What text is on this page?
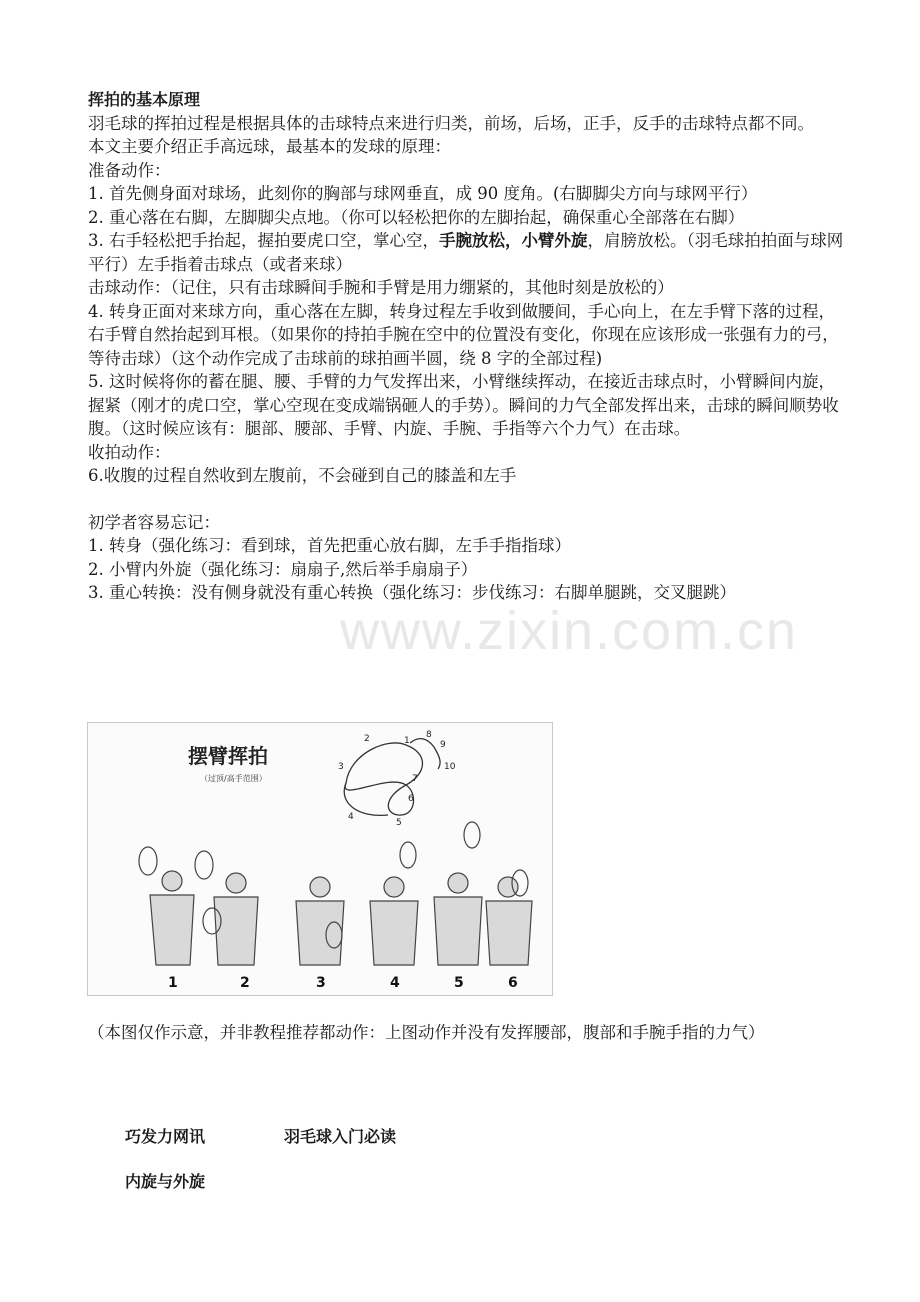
www.zixin.com.cn

挥拍的基本原理

羽毛球的挥拍过程是根据具体的击球特点来进行归类，前场，后场，正手，反手的击球特点都不同。

本文主要介绍正手高远球，最基本的发球的原理：

准备动作：

1. 首先侧身面对球场，此刻你的胸部与球网垂直，成 90 度角。(右脚脚尖方向与球网平行）

2. 重心落在右脚，左脚脚尖点地。（你可以轻松把你的左脚抬起，确保重心全部落在右脚）

3. 右手轻松把手抬起，握拍要虎口空，掌心空，手腕放松，小臂外旋，肩膀放松。（羽毛球拍拍面与球网平行）左手指着击球点（或者来球）

击球动作：（记住，只有击球瞬间手腕和手臂是用力绷紧的，其他时刻是放松的）

4. 转身正面对来球方向，重心落在左脚，转身过程左手收到做腰间，手心向上，在左手臂下落的过程，右手臂自然抬起到耳根。（如果你的持拍手腕在空中的位置没有变化，你现在应该形成一张强有力的弓，等待击球）（这个动作完成了击球前的球拍画半圆，绕 8 字的全部过程)

5. 这时候将你的蓄在腿、腰、手臂的力气发挥出来，小臂继续挥动，在接近击球点时，小臂瞬间内旋，握紧（刚才的虎口空，掌心空现在变成端锅砸人的手势）。瞬间的力气全部发挥出来，击球的瞬间顺势收腹。（这时候应该有：腿部、腰部、手臂、内旋、手腕、手指等六个力气）在击球。

收拍动作：

6.收腹的过程自然收到左腹前，不会碰到自己的膝盖和左手

初学者容易忘记：

1. 转身（强化练习：看到球，首先把重心放右脚，左手手指指球）

2. 小臂内外旋（强化练习：扇扇子,然后举手扇扇子）

3. 重心转换：没有侧身就没有重心转换（强化练习：步伐练习：右脚单腿跳，交叉腿跳）

摆臂挥拍
（过顶/高手范围）
1
2
3
4
5
6
7
8
9
10
1	2	3	4	5	6

（本图仅作示意，并非教程推荐都动作：上图动作并没有发挥腰部，腹部和手腕手指的力气）

巧发力网讯	羽毛球入门必读
内旋与外旋
